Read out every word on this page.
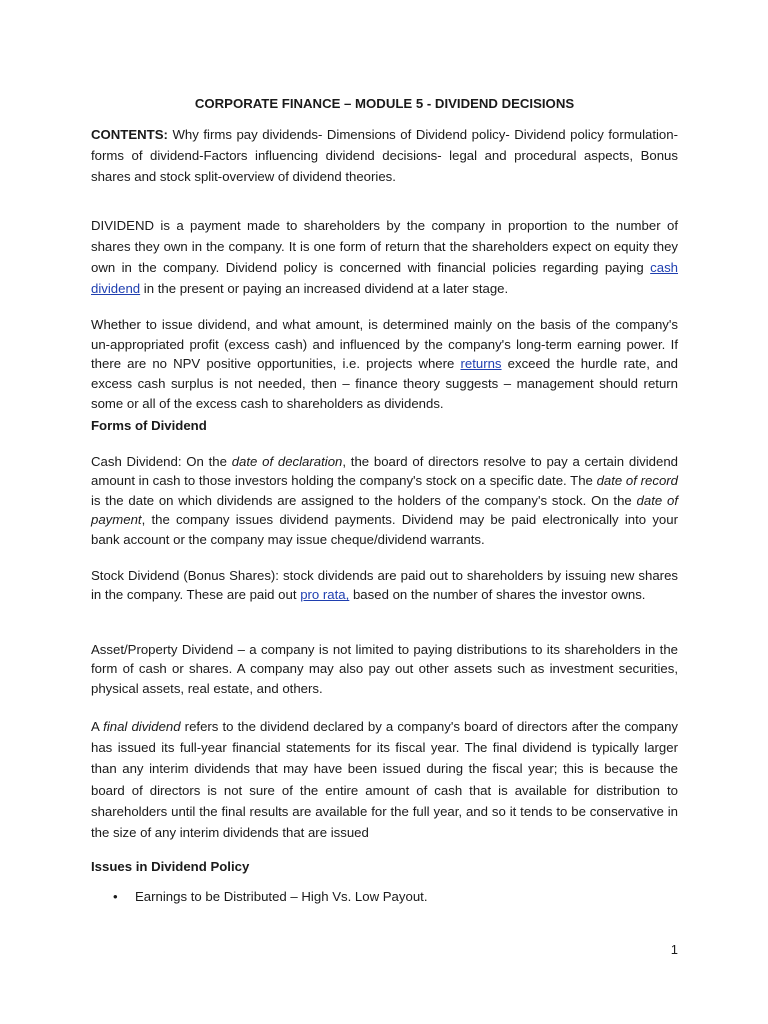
CORPORATE FINANCE – MODULE 5 - DIVIDEND DECISIONS

CONTENTS: Why firms pay dividends- Dimensions of Dividend policy- Dividend policy formulation-forms of dividend-Factors influencing dividend decisions- legal and procedural aspects, Bonus shares and stock split-overview of dividend theories.

DIVIDEND is a payment made to shareholders by the company in proportion to the number of shares they own in the company. It is one form of return that the shareholders expect on equity they own in the company. Dividend policy is concerned with financial policies regarding paying cash dividend in the present or paying an increased dividend at a later stage.

Whether to issue dividend, and what amount, is determined mainly on the basis of the company's un-appropriated profit (excess cash) and influenced by the company's long-term earning power. If there are no NPV positive opportunities, i.e. projects where returns exceed the hurdle rate, and excess cash surplus is not needed, then – finance theory suggests – management should return some or all of the excess cash to shareholders as dividends.

Forms of Dividend

Cash Dividend: On the date of declaration, the board of directors resolve to pay a certain dividend amount in cash to those investors holding the company's stock on a specific date. The date of record is the date on which dividends are assigned to the holders of the company's stock. On the date of payment, the company issues dividend payments. Dividend may be paid electronically into your bank account or the company may issue cheque/dividend warrants.

Stock Dividend (Bonus Shares): stock dividends are paid out to shareholders by issuing new shares in the company. These are paid out pro rata, based on the number of shares the investor owns.

Asset/Property Dividend – a company is not limited to paying distributions to its shareholders in the form of cash or shares. A company may also pay out other assets such as investment securities, physical assets, real estate, and others.

A final dividend refers to the dividend declared by a company's board of directors after the company has issued its full-year financial statements for its fiscal year. The final dividend is typically larger than any interim dividends that may have been issued during the fiscal year; this is because the board of directors is not sure of the entire amount of cash that is available for distribution to shareholders until the final results are available for the full year, and so it tends to be conservative in the size of any interim dividends that are issued

Issues in Dividend Policy

•	Earnings to be Distributed – High Vs. Low Payout.
1
